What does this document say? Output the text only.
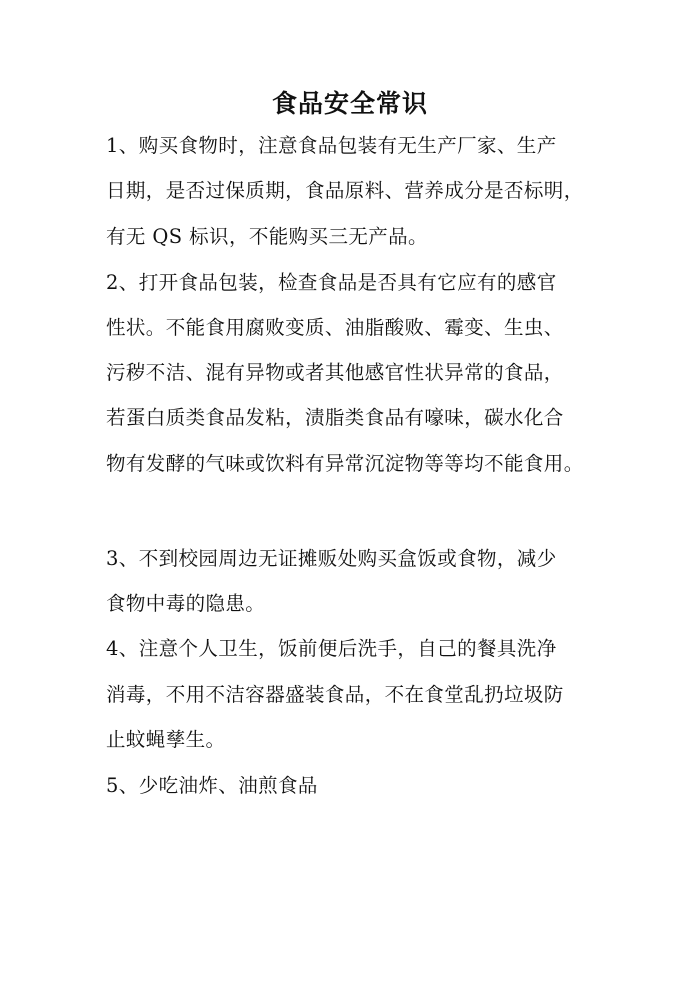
食品安全常识
1、购买食物时，注意食品包装有无生产厂家、生产
日期，是否过保质期，食品原料、营养成分是否标明，
有无 QS 标识，不能购买三无产品。
2、打开食品包装，检查食品是否具有它应有的感官
性状。不能食用腐败变质、油脂酸败、霉变、生虫、
污秽不洁、混有异物或者其他感官性状异常的食品，
若蛋白质类食品发粘，渍脂类食品有嚎味，碳水化合
物有发酵的气味或饮料有异常沉淀物等等均不能食用。
3、不到校园周边无证摊贩处购买盒饭或食物，减少
食物中毒的隐患。
4、注意个人卫生，饭前便后洗手，自己的餐具洗净
消毒，不用不洁容器盛装食品，不在食堂乱扔垃圾防
止蚊蝇孳生。
5、少吃油炸、油煎食品
